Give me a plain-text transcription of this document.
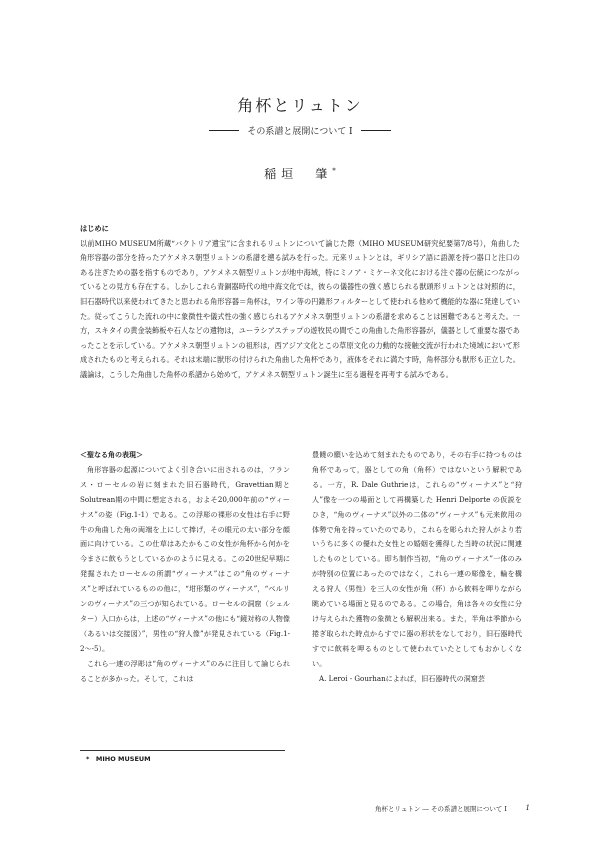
角杯とリュトン
その系譜と展開について Ⅰ
稲垣　肇*
はじめに

以前MIHO MUSEUM所蔵“バクトリア遺宝”に含まれるリュトンについて論じた際（MIHO MUSEUM研究紀要第7/8号），角曲した角形容器の部分を持ったアケメネス朝型リュトンの系譜を遡る試みを行った。元来リュトンとは，ギリシア語に語源を持つ器口と注口のある注ぎための器を指すものであり，アケメネス朝型リュトンが地中海域，特にミノア・ミケーネ文化における注ぐ器の伝統につながっているとの見方も存在する。しかしこれら青銅器時代の地中海文化では，彼らの儀器性の強く感じられる獣頭形リュトンとは対照的に，旧石器時代以来使われてきたと思われる角形容器＝角杯は，ワイン等の円錐形フィルターとして使われる他めて機能的な器に発達していた。従ってこうした流れの中に象徴性や儀式性の強く感じられるアケメネス朝型リュトンの系譜を求めることは困難であると考えた。一方，スキタイの黄金装飾板や石人などの遺物は，ユーラシアステップの遊牧民の間でこの角曲した角形容器が，儀器として重要な器であったことを示している。アケメネス朝型リュトンの祖形は，西アジア文化とこの草原文化の力動的な接触交流が行われた境域において形成されたものと考えられる。それは末端に獣形の付けられた角曲した角杯であり，液体をそれに満たす時，角杯部分も獣形も正立した。議論は，こうした角曲した角杯の系譜から始めて，アケメネス朝型リュトン誕生に至る過程を再考する試みである。

＜聖なる角の表現＞

角形容器の起源についてよく引き合いに出されるのは，フランス・ローセルの岩に刻まれた旧石器時代，Gravettian期とSolutrean期の中間に想定される，およそ20,000年前の“ヴィーナス”の姿（Fig.1-1）である。この浮彫の裸形の女性は右手に野牛の角曲した角の両端を上にして捧げ，その眼元の太い部分を顔面に向けている。この仕草はあたかもこの女性が角杯から何かを今まさに飲もうとしているかのように見える。この20世紀早期に発掘されたローセルの所謂“ヴィーナス”はこの“角のヴィーナス”と呼ばれているものの他に，“坩形類のヴィーナス”，“ベルリンのヴィーナス”の三つが知られている。ローセルの洞窟（シェルター）入口からは，上述の“ヴィーナス”の他にも“鏡対称の人物像（あるいは交接図）”，男性の“狩人像”が発見されている（Fig.1-2～-5）。

これら一連の浮彫は“角のヴィーナス”のみに注目して論じられることが多かった。そして，これは

豊饒の願いを込めて刻まれたものであり，その右手に持つものは角杯であって，器としての角（角杯）ではないという解釈である。一方，R. Dale Guthrieは，これらの“ヴィーナス”と“狩人”像を一つの場面として再構築した Henri Delporte の仮説をひき，“角のヴィーナス”以外の二体の“ヴィーナス”も元来飲用の体勢で角を持っていたのであり，これらを彫られた狩人がより若いうちに多くの優れた女性との婚姻を獲得した当時の状況に関連したものとしている。即ち制作当初，“角のヴィーナス”一体のみが特別の位置にあったのではなく，これら一連の彫像を，輪を構える狩人（男性）を三人の女性が角（杯）から飲料を呷りながら眺めている場面と見るのである。この場合，角は各々の女性に分け与えられた獲物の象徴とも解釈出来る。また，半角は季節から捲ぎ取られた時点からすでに器の形状をなしており，旧石器時代すでに飲料を呷るものとして使われていたとしてもおかしくない。

A. Leroi - Gourhanによれば，旧石器時代の洞窟芸

*　MIHO MUSEUM
角杯とリュトン ― その系譜と展開について Ⅰ	1
